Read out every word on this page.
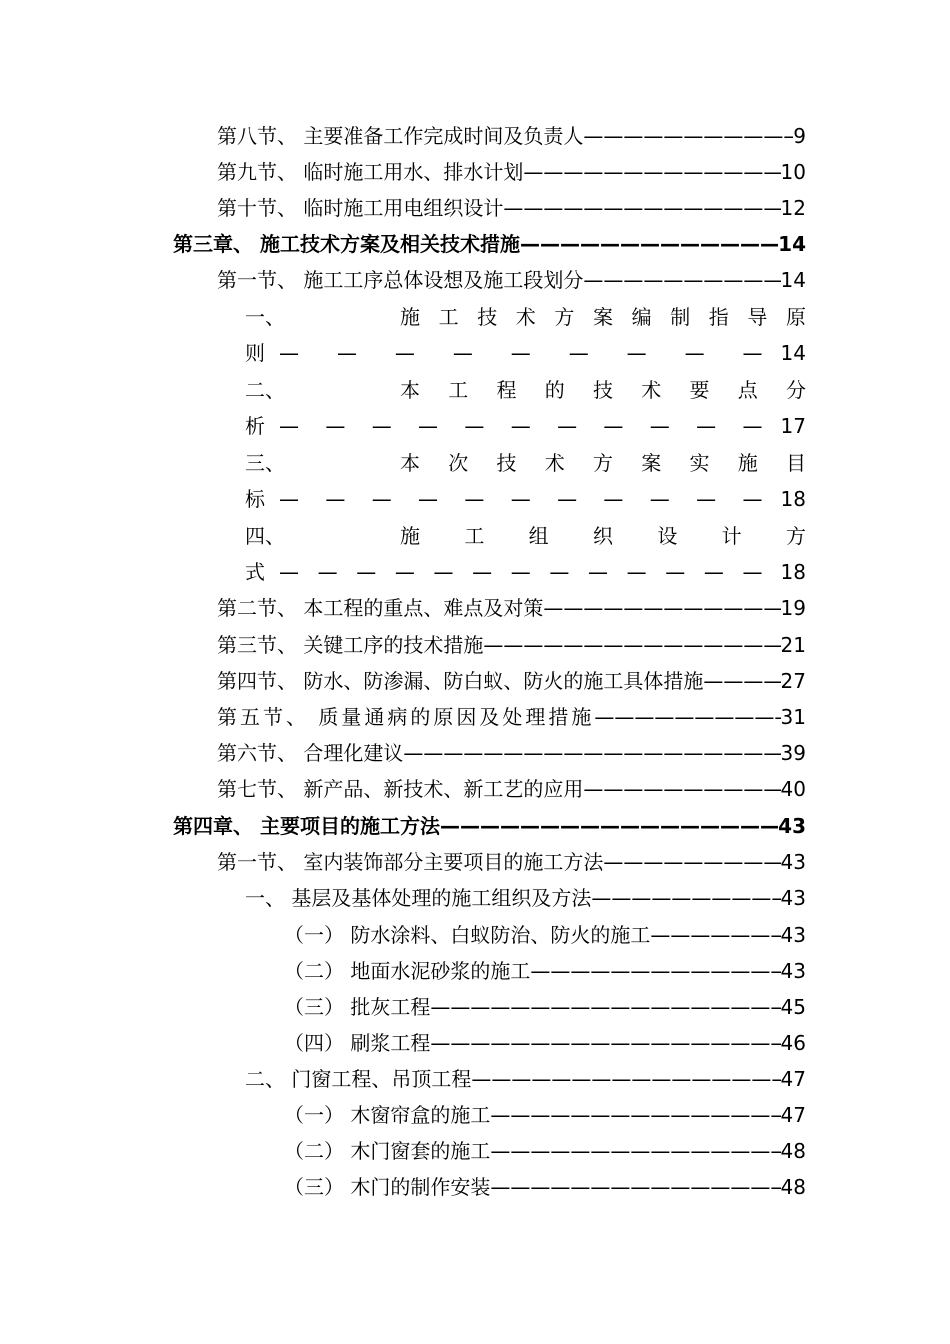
第八节、 主要准备工作完成时间及负责人 —————	9
第九节、 临时施工用水、排水计划 —————	10
第十节、 临时施工用电组织设计 —————	12
第三章、 施工技术方案及相关技术措施 —————	14
第一节、 施工工序总体设想及施工段划分 —————	14
一、	施 工 技 术 方 案 编 制 指 导 原
则 — — — — — — — — — 14
二、	本 工 程 的 技 术 要 点 分
析 — — — — — — — — — — — 17
三、	本 次 技 术 方 案 实 施 目
标 — — — — — — — — — — — 18
四、	施 工 组 织 设 计 方
式 — — — — — — — — — — — — — 18
第二节、 本工程的重点、难点及对策 —————	19
第三节、 关键工序的技术措施 —————	21
第四节、 防水、防渗漏、防白蚁、防火的施工具体措施 —————	27
第五节、 质量通病的原因及处理措施 —————	31
第六节、 合理化建议 —————	39
第七节、 新产品、新技术、新工艺的应用 —————	40
第四章、 主要项目的施工方法 —————	43
第一节、 室内装饰部分主要项目的施工方法 —————	43
一、 基层及基体处理的施工组织及方法 —————	43
（一） 防水涂料、白蚁防治、防火的施工 —————	43
（二） 地面水泥砂浆的施工 —————	43
（三） 批灰工程 —————	45
（四） 刷浆工程 —————	46
二、 门窗工程、吊顶工程 —————	47
（一） 木窗帘盒的施工 —————	47
（二） 木门窗套的施工 —————	48
（三） 木门的制作安装 —————	48
